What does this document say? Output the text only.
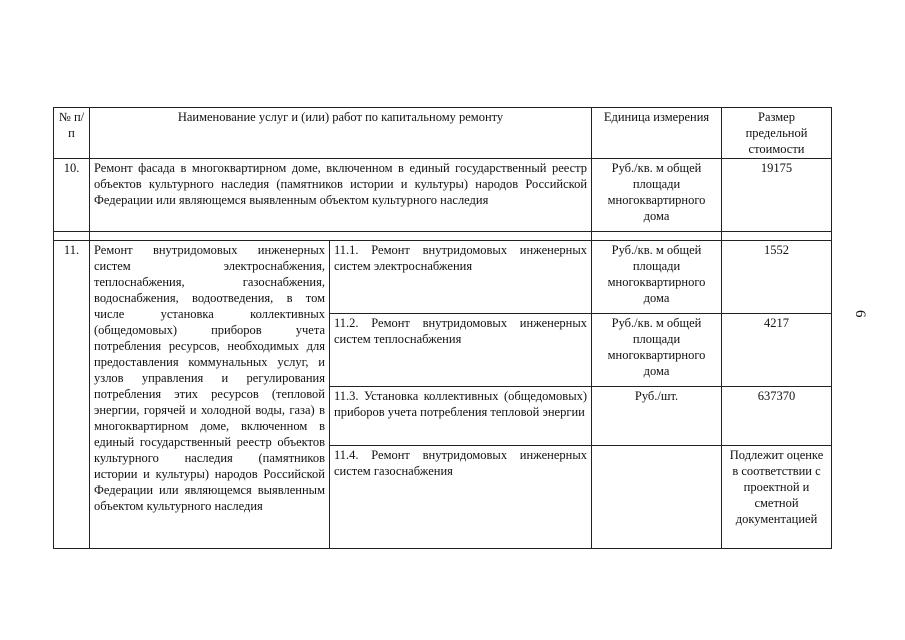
6
№ п/п	Наименование услуг и (или) работ по капитальному ремонту		Единица измерения	Размер предельной стоимости
10.	Ремонт фасада в многоквартирном доме, включенном в единый государственный реестр объектов культурного наследия (памятников истории и культуры) народов Российской Федерации или являющемся выявленным объектом культурного наследия		Руб./кв. м общей площади многоквартирного дома	19175

11.	Ремонт внутридомовых инженерных систем электроснабжения, теплоснабжения, газоснабжения, водоснабжения, водоотведения, в том числе установка коллективных (общедомовых) приборов учета потребления ресурсов, необходимых для предоставления коммунальных услуг, и узлов управления и регулирования потребления этих ресурсов (тепловой энергии, горячей и холодной воды, газа) в многоквартирном доме, включенном в единый государственный реестр объектов культурного наследия (памятников истории и культуры) народов Российской Федерации или являющемся выявленным объектом культурного наследия	11.1. Ремонт внутридомовых инженерных систем электроснабжения	Руб./кв. м общей площади многоквартирного дома	1552
		11.2. Ремонт внутридомовых инженерных систем теплоснабжения	Руб./кв. м общей площади многоквартирного дома	4217
		11.3. Установка коллективных (общедомовых) приборов учета потребления тепловой энергии	Руб./шт.	637370
		11.4. Ремонт внутридомовых инженерных систем газоснабжения		Подлежит оценке в соответствии с проектной и сметной документацией
